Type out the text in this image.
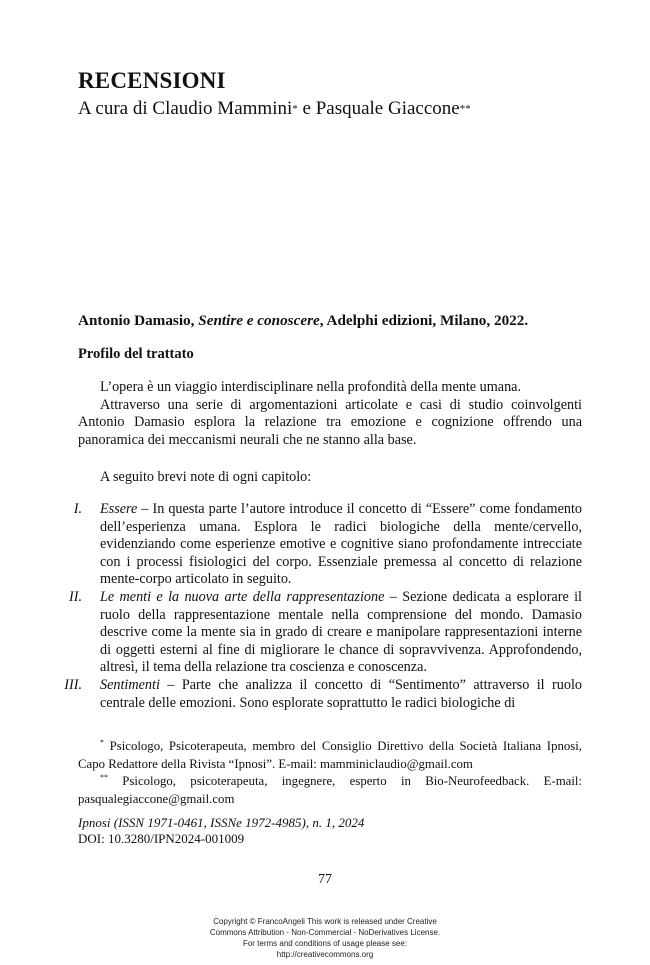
RECENSIONI
A cura di Claudio Mammini* e Pasquale Giaccone**
Antonio Damasio, Sentire e conoscere, Adelphi edizioni, Milano, 2022.
Profilo del trattato

L’opera è un viaggio interdisciplinare nella profondità della mente umana.

Attraverso una serie di argomentazioni articolate e casi di studio coinvolgenti Antonio Damasio esplora la relazione tra emozione e cognizione offrendo una panoramica dei meccanismi neurali che ne stanno alla base.

A seguito brevi note di ogni capitolo:
I. Essere – In questa parte l’autore introduce il concetto di “Essere” come fondamento dell’esperienza umana. Esplora le radici biologiche della mente/cervello, evidenziando come esperienze emotive e cognitive siano profondamente intrecciate con i processi fisiologici del corpo. Essenziale premessa al concetto di relazione mente-corpo articolato in seguito.
II. Le menti e la nuova arte della rappresentazione – Sezione dedicata a esplorare il ruolo della rappresentazione mentale nella comprensione del mondo. Damasio descrive come la mente sia in grado di creare e manipolare rappresentazioni interne di oggetti esterni al fine di migliorare le chance di sopravvivenza. Approfondendo, altresì, il tema della relazione tra coscienza e conoscenza.
III. Sentimenti – Parte che analizza il concetto di “Sentimento” attraverso il ruolo centrale delle emozioni. Sono esplorate soprattutto le radici biologiche di

* Psicologo, Psicoterapeuta, membro del Consiglio Direttivo della Società Italiana Ipnosi, Capo Redattore della Rivista “Ipnosi”. E-mail: mamminiclaudio@gmail.com

** Psicologo, psicoterapeuta, ingegnere, esperto in Bio-Neurofeedback. E-mail: pasqualegiaccone@gmail.com

Ipnosi (ISSN 1971-0461, ISSNe 1972-4985), n. 1, 2024
DOI: 10.3280/IPN2024-001009
77
Copyright © FrancoAngeli This work is released under Creative
Commons Attribution - Non-Commercial - NoDerivatives License.
For terms and conditions of usage please see:
http://creativecommons.org
